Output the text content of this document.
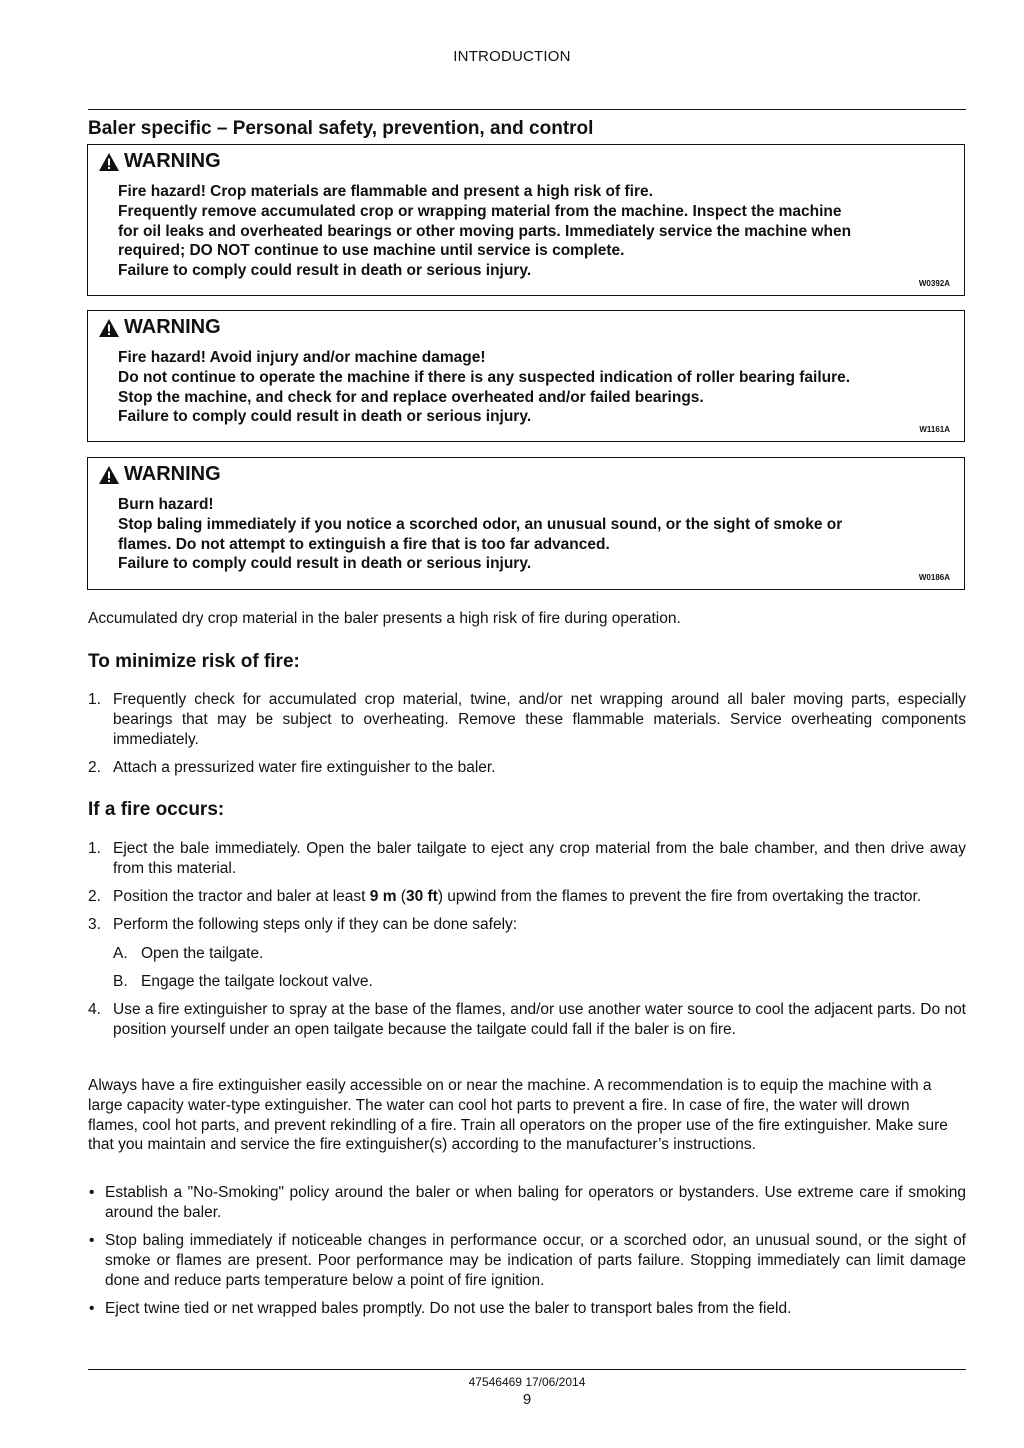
INTRODUCTION
Baler specific – Personal safety, prevention, and control
WARNING
Fire hazard! Crop materials are flammable and present a high risk of fire.
Frequently remove accumulated crop or wrapping material from the machine. Inspect the machine
for oil leaks and overheated bearings or other moving parts. Immediately service the machine when
required; DO NOT continue to use machine until service is complete.
Failure to comply could result in death or serious injury.
W0392A
WARNING
Fire hazard! Avoid injury and/or machine damage!
Do not continue to operate the machine if there is any suspected indication of roller bearing failure.
Stop the machine, and check for and replace overheated and/or failed bearings.
Failure to comply could result in death or serious injury.
W1161A
WARNING
Burn hazard!
Stop baling immediately if you notice a scorched odor, an unusual sound, or the sight of smoke or
flames. Do not attempt to extinguish a fire that is too far advanced.
Failure to comply could result in death or serious injury.
W0186A
Accumulated dry crop material in the baler presents a high risk of fire during operation.
To minimize risk of fire:
1. Frequently check for accumulated crop material, twine, and/or net wrapping around all baler moving parts, especially bearings that may be subject to overheating. Remove these flammable materials. Service overheating components immediately.
2. Attach a pressurized water fire extinguisher to the baler.
If a fire occurs:
1. Eject the bale immediately. Open the baler tailgate to eject any crop material from the bale chamber, and then drive away from this material.
2. Position the tractor and baler at least 9 m (30 ft) upwind from the flames to prevent the fire from overtaking the tractor.
3. Perform the following steps only if they can be done safely:
A. Open the tailgate.
B. Engage the tailgate lockout valve.
4. Use a fire extinguisher to spray at the base of the flames, and/or use another water source to cool the adjacent parts. Do not position yourself under an open tailgate because the tailgate could fall if the baler is on fire.
Always have a fire extinguisher easily accessible on or near the machine. A recommendation is to equip the machine with a large capacity water-type extinguisher. The water can cool hot parts to prevent a fire. In case of fire, the water will drown flames, cool hot parts, and prevent rekindling of a fire. Train all operators on the proper use of the fire extinguisher. Make sure that you maintain and service the fire extinguisher(s) according to the manufacturer’s instructions.
• Establish a "No-Smoking" policy around the baler or when baling for operators or bystanders. Use extreme care if smoking around the baler.
• Stop baling immediately if noticeable changes in performance occur, or a scorched odor, an unusual sound, or the sight of smoke or flames are present. Poor performance may be indication of parts failure. Stopping immediately can limit damage done and reduce parts temperature below a point of fire ignition.
• Eject twine tied or net wrapped bales promptly. Do not use the baler to transport bales from the field.
47546469 17/06/2014
9
